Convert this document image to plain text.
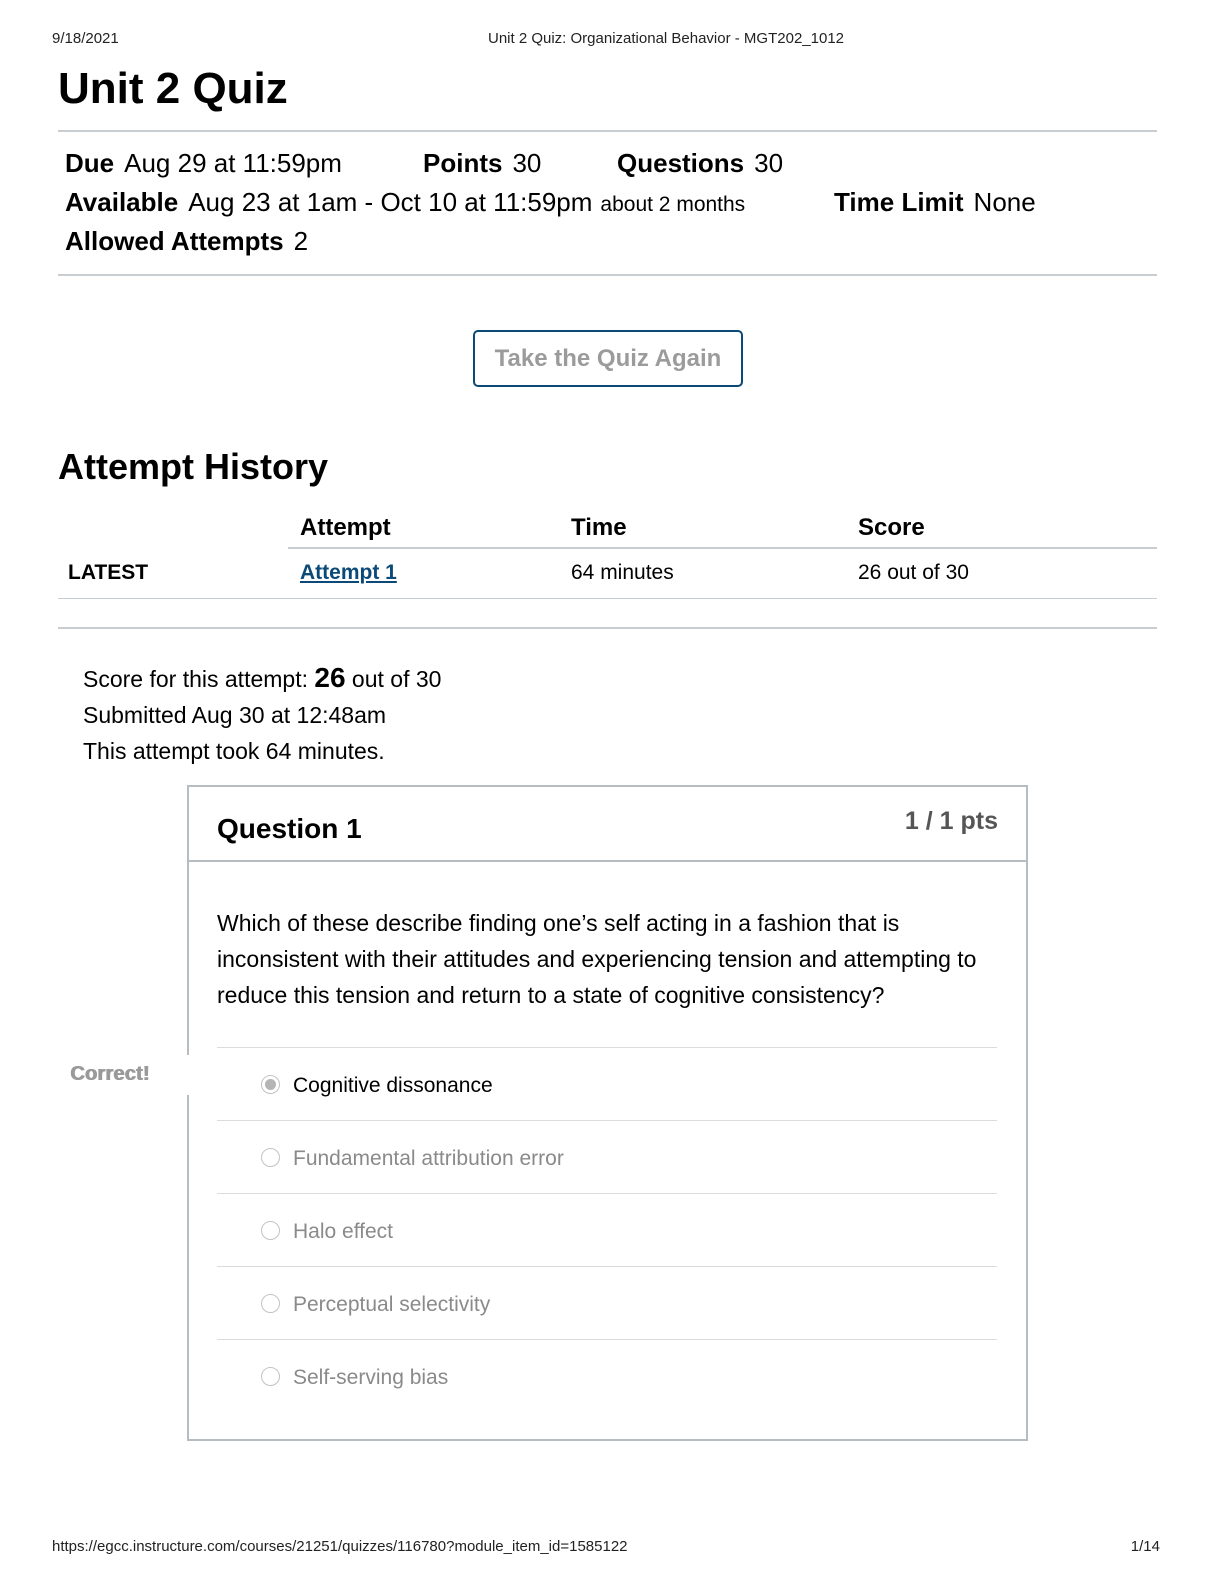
9/18/2021	Unit 2 Quiz: Organizational Behavior - MGT202_1012
Unit 2 Quiz
Due Aug 29 at 11:59pm	Points 30	Questions 30
Available Aug 23 at 1am - Oct 10 at 11:59pm about 2 months	Time Limit None
Allowed Attempts 2
Take the Quiz Again
Attempt History
	Attempt	Time	Score
LATEST	Attempt 1	64 minutes	26 out of 30
Score for this attempt: 26 out of 30
Submitted Aug 30 at 12:48am
This attempt took 64 minutes.
Question 1	1 / 1 pts
Which of these describe finding one’s self acting in a fashion that is inconsistent with their attitudes and experiencing tension and attempting to reduce this tension and return to a state of cognitive consistency?
Cognitive dissonance
Fundamental attribution error
Halo effect
Perceptual selectivity
Self-serving bias
Correct!
https://egcc.instructure.com/courses/21251/quizzes/116780?module_item_id=1585122	1/14
